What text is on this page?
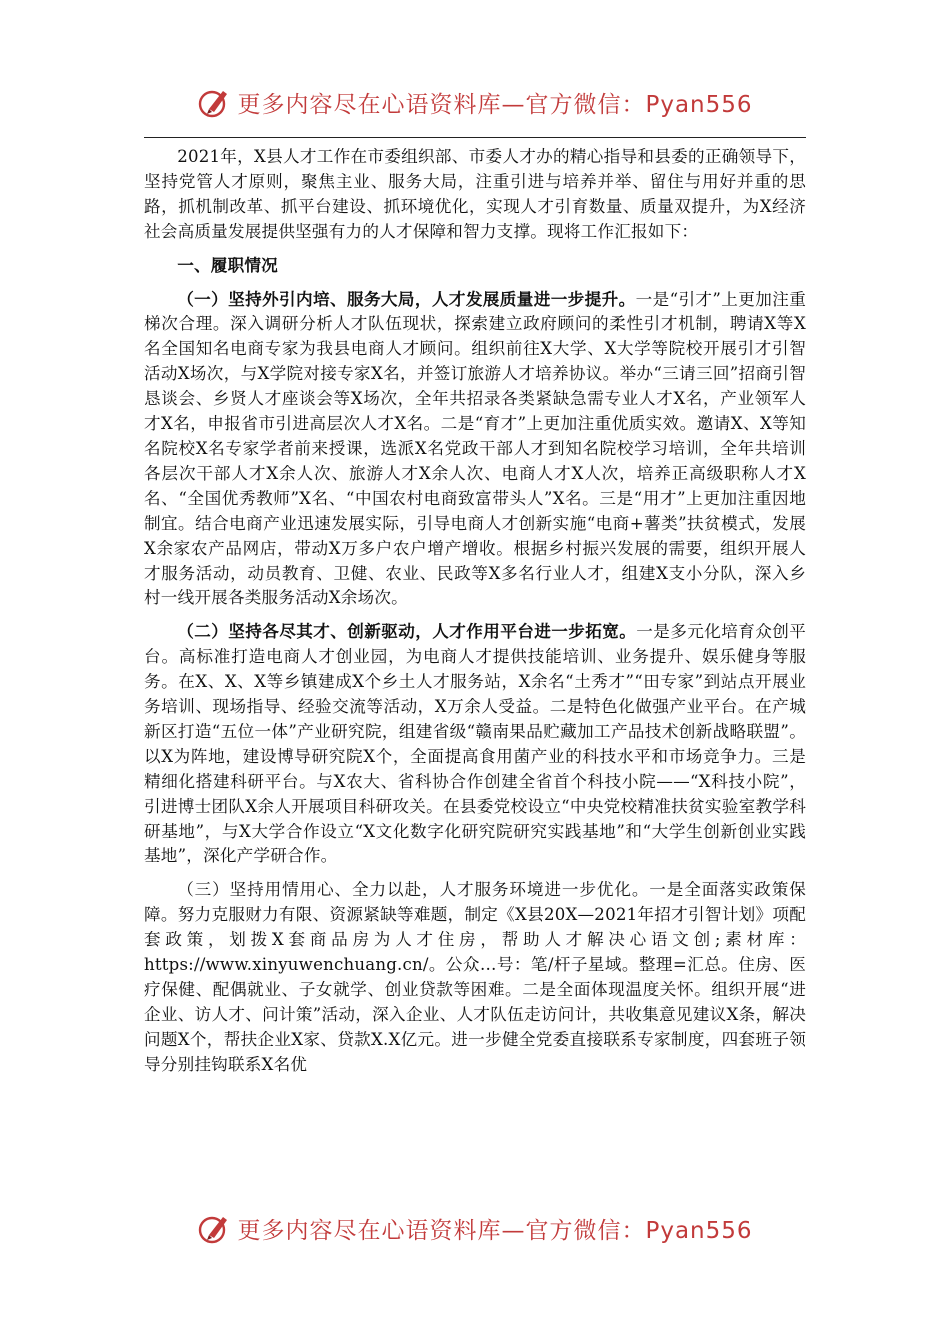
更多内容尽在心语资料库—官方微信：Pyan556

2021年，X县人才工作在市委组织部、市委人才办的精心指导和县委的正确领导下，坚持党管人才原则，聚焦主业、服务大局，注重引进与培养并举、留住与用好并重的思路，抓机制改革、抓平台建设、抓环境优化，实现人才引育数量、质量双提升，为X经济社会高质量发展提供坚强有力的人才保障和智力支撑。现将工作汇报如下：

一、履职情况

（一）坚持外引内培、服务大局，人才发展质量进一步提升。一是“引才”上更加注重梯次合理。深入调研分析人才队伍现状，探索建立政府顾问的柔性引才机制，聘请X等X名全国知名电商专家为我县电商人才顾问。组织前往X大学、X大学等院校开展引才引智活动X场次，与X学院对接专家X名，并签订旅游人才培养协议。举办“三请三回”招商引智恳谈会、乡贤人才座谈会等X场次，全年共招录各类紧缺急需专业人才X名，产业领军人才X名，申报省市引进高层次人才X名。二是“育才”上更加注重优质实效。邀请X、X等知名院校X名专家学者前来授课，选派X名党政干部人才到知名院校学习培训，全年共培训各层次干部人才X余人次、旅游人才X余人次、电商人才X人次，培养正高级职称人才X名、“全国优秀教师”X名、“中国农村电商致富带头人”X名。三是“用才”上更加注重因地制宜。结合电商产业迅速发展实际，引导电商人才创新实施“电商+薯类”扶贫模式，发展X余家农产品网店，带动X万多户农户增产增收。根据乡村振兴发展的需要，组织开展人才服务活动，动员教育、卫健、农业、民政等X多名行业人才，组建X支小分队，深入乡村一线开展各类服务活动X余场次。

（二）坚持各尽其才、创新驱动，人才作用平台进一步拓宽。一是多元化培育众创平台。高标准打造电商人才创业园，为电商人才提供技能培训、业务提升、娱乐健身等服务。在X、X、X等乡镇建成X个乡土人才服务站，X余名“土秀才”“田专家”到站点开展业务培训、现场指导、经验交流等活动，X万余人受益。二是特色化做强产业平台。在产城新区打造“五位一体”产业研究院，组建省级“赣南果品贮藏加工产品技术创新战略联盟”。以X为阵地，建设博导研究院X个，全面提高食用菌产业的科技水平和市场竞争力。三是精细化搭建科研平台。与X农大、省科协合作创建全省首个科技小院——“X科技小院”，引进博士团队X余人开展项目科研攻关。在县委党校设立“中央党校精准扶贫实验室教学科研基地”，与X大学合作设立“X文化数字化研究院研究实践基地”和“大学生创新创业实践基地”，深化产学研合作。

（三）坚持用情用心、全力以赴，人才服务环境进一步优化。一是全面落实政策保障。努力克服财力有限、资源紧缺等难题，制定《X县20X—2021年招才引智计划》项配套政策，划拨X套商品房为人才住房，帮助人才解决心语文创;素材库：https://www.xinyuwenchuang.cn/。公众…号：笔/杆子星域。整理=汇总。住房、医疗保健、配偶就业、子女就学、创业贷款等困难。二是全面体现温度关怀。组织开展“进企业、访人才、问计策”活动，深入企业、人才队伍走访问计，共收集意见建议X条，解决问题X个，帮扶企业X家、贷款X.X亿元。进一步健全党委直接联系专家制度，四套班子领导分别挂钩联系X名优

更多内容尽在心语资料库—官方微信：Pyan556
